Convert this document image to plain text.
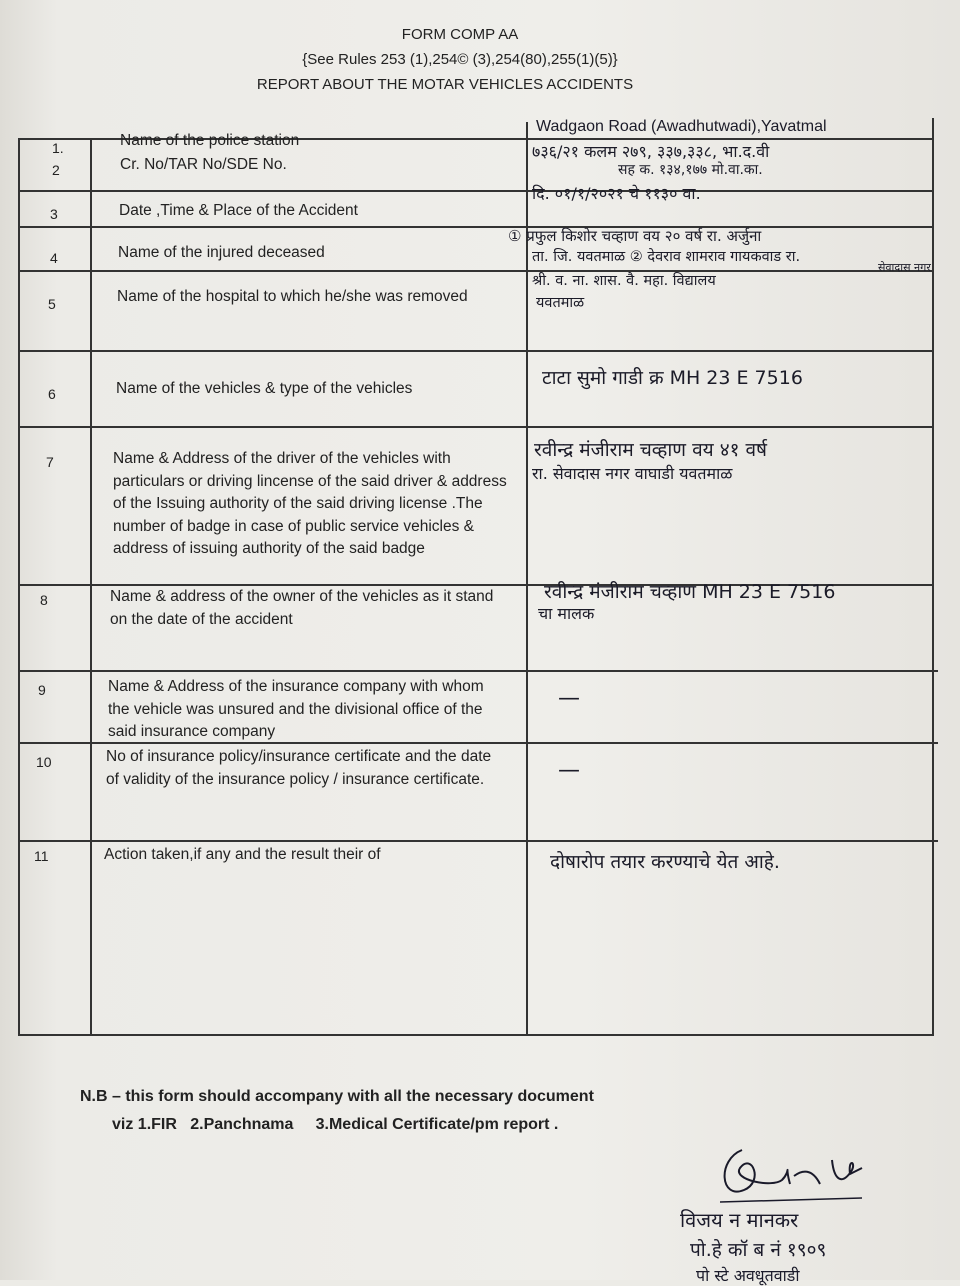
FORM COMP AA
{See Rules 253 (1),254© (3),254(80),255(1)(5)}
REPORT ABOUT THE MOTAR VEHICLES ACCIDENTS
1.
2
3
4
5
6
7
8
9
10
11
Name of the police station
Cr. No/TAR No/SDE No.
Date ,Time & Place of the Accident
Name of the injured deceased
Name of the hospital to which he/she was removed
Name of the vehicles & type of the vehicles
Name & Address of the driver of the vehicles with particulars or driving lincense of the said driver & address of the Issuing authority of the said driving license .The number of badge in case of public service vehicles & address of issuing authority of the said badge
Name & address of the owner of the vehicles as it stand on the date of the accident
Name & Address of the insurance company with whom the vehicle was unsured and the divisional office of the said insurance company
No of insurance policy/insurance certificate and the date of validity of the insurance policy / insurance certificate.
Action taken,if any and the result their of
Wadgaon Road (Awadhutwadi),Yavatmal
७३६/२१ कलम २७९, ३३७,३३८, भा.द.वी
सह क. १३४,१७७ मो.वा.का.
दि. ०१/१/२०२१ चे ११३० वा.
① प्रफुल किशोर चव्हाण वय २० वर्ष रा. अर्जुना
ता. जि. यवतमाळ ② देवराव शामराव गायकवाड रा.
सेवादास नगर
श्री. व. ना. शास. वै. महा. विद्यालय
यवतमाळ
टाटा सुमो गाडी क्र MH 23 E 7516
रवीन्द्र मंजीराम चव्हाण वय ४१ वर्ष
रा. सेवादास नगर वाघाडी यवतमाळ
रवीन्द्र मंजीराम चव्हाण MH 23 E 7516
चा मालक
—
—
दोषारोप तयार करण्याचे येत आहे.
N.B – this form should accompany with all the necessary document
viz 1.FIR   2.Panchnama     3.Medical Certificate/pm report .
विजय न मानकर
पो.हे कॉ ब नं १९०९
पो स्टे अवधूतवाडी
